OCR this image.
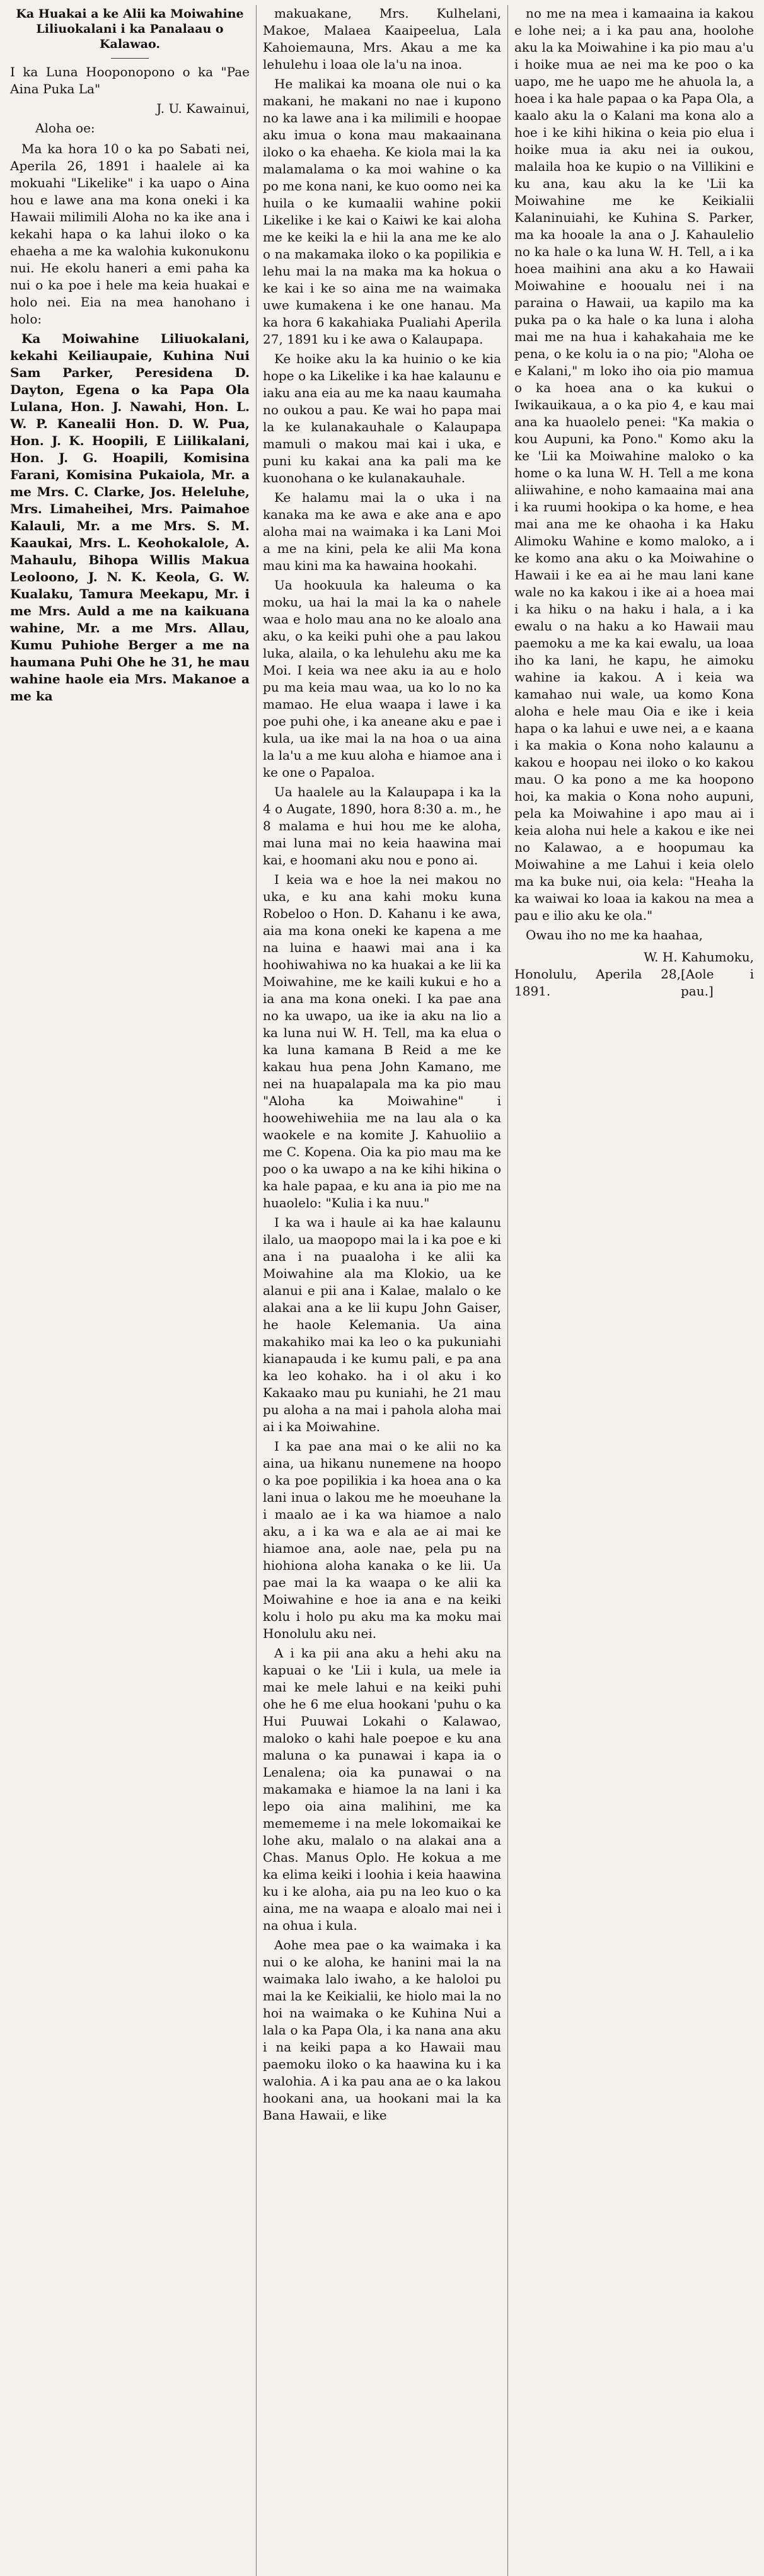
Ka Huakai a ke Alii ka Moiwahine
Liliuokalani i ka Panalaau o
Kalawao.

I ka Luna Hooponopono o ka "Pae Aina Puka La"

J. U. Kawainui,

Aloha oe:

Ma ka hora 10 o ka po Sabati nei, Aperila 26, 1891 i haalele ai ka mokuahi "Likelike" i ka uapo o Aina hou e lawe ana ma kona oneki i ka Hawaii milimili Aloha no ka ike ana i kekahi hapa o ka lahui iloko o ka ehaeha a me ka walohia kukonukonu nui. He ekolu haneri a emi paha ka nui o ka poe i hele ma keia huakai e holo nei. Eia na mea hanohano i holo:

Ka Moiwahine Liliuokalani, kekahi Keiliaupaie, Kuhina Nui Sam Parker, Peresidena D. Dayton, Egena o ka Papa Ola Lulana, Hon. J. Nawahi, Hon. L. W. P. Kanealii Hon. D. W. Pua, Hon. J. K. Hoopili, E Liilikalani, Hon. J. G. Hoapili, Komisina Farani, Komisina Pukaiola, Mr. a me Mrs. C. Clarke, Jos. Heleluhe, Mrs. Limaheihei, Mrs. Paimahoe Kalauli, Mr. a me Mrs. S. M. Kaaukai, Mrs. L. Keohokalole, A. Mahaulu, Bihopa Willis Makua Leoloono, J. N. K. Keola, G. W. Kualaku, Tamura Meekapu, Mr. i me Mrs. Auld a me na kaikuana wahine, Mr. a me Mrs. Allau, Kumu Puhiohe Berger a me na haumana Puhi Ohe he 31, he mau wahine haole eia Mrs. Makanoe a me ka

makuakane, Mrs. Kulhelani, Makoe, Malaea Kaaipeelua, Lala Kahoiemauna, Mrs. Akau a me ka lehulehu i loaa ole la'u na inoa.

He malikai ka moana ole nui o ka makani, he makani no nae i kupono no ka lawe ana i ka milimili e hoopae aku imua o kona mau makaainana iloko o ka ehaeha. Ke kiola mai la ka malamalama o ka moi wahine o ka po me kona nani, ke kuo oomo nei ka huila o ke kumaalii wahine pokii Likelike i ke kai o Kaiwi ke kai aloha me ke keiki la e hii la ana me ke alo o na makamaka iloko o ka popilikia e lehu mai la na maka ma ka hokua o ke kai i ke so aina me na waimaka uwe kumakena i ke one hanau. Ma ka hora 6 kakahiaka Pualiahi Aperila 27, 1891 ku i ke awa o Kalaupapa.

Ke hoike aku la ka huinio o ke kia hope o ka Likelike i ka hae kalaunu e iaku ana eia au me ka naau kaumaha no oukou a pau. Ke wai ho papa mai la ke kulanakauhale o Kalaupapa mamuli o makou mai kai i uka, e puni ku kakai ana ka pali ma ke kuonohana o ke kulanakauhale.

Ke halamu mai la o uka i na kanaka ma ke awa e ake ana e apo aloha mai na waimaka i ka Lani Moi a me na kini, pela ke alii Ma kona mau kini ma ka hawaina hookahi.

Ua hookuula ka haleuma o ka moku, ua hai la mai la ka o nahele waa e holo mau ana no ke aloalo ana aku, o ka keiki puhi ohe a pau lakou luka, alaila, o ka lehulehu aku me ka Moi. I keia wa nee aku ia au e holo pu ma keia mau waa, ua ko lo no ka mamao. He elua waapa i lawe i ka poe puhi ohe, i ka aneane aku e pae i kula, ua ike mai la na hoa o ua aina la la'u a me kuu aloha e hiamoe ana i ke one o Papaloa.

Ua haalele au la Kalaupapa i ka la 4 o Augate, 1890, hora 8:30 a. m., he 8 malama e hui hou me ke aloha, mai luna mai no keia haawina mai kai, e hoomani aku nou e pono ai.

I keia wa e hoe la nei makou no uka, e ku ana kahi moku kuna Robeloo o Hon. D. Kahanu i ke awa, aia ma kona oneki ke kapena a me na luina e haawi mai ana i ka hoohiwahiwa no ka huakai a ke lii ka Moiwahine, me ke kaili kukui e ho a ia ana ma kona oneki. I ka pae ana no ka uwapo, ua ike ia aku na lio a ka luna nui W. H. Tell, ma ka elua o ka luna kamana B Reid a me ke kakau hua pena John Kamano, me nei na huapalapala ma ka pio mau "Aloha ka Moiwahine" i hoowehiwehiia me na lau ala o ka waokele e na komite J. Kahuoliio a me C. Kopena. Oia ka pio mau ma ke poo o ka uwapo a na ke kihi hikina o ka hale papaa, e ku ana ia pio me na huaolelo: "Kulia i ka nuu."

I ka wa i haule ai ka hae kalaunu ilalo, ua maopopo mai la i ka poe e ki ana i na puaaloha i ke alii ka Moiwahine ala ma Klokio, ua ke alanui e pii ana i Kalae, malalo o ke alakai ana a ke lii kupu John Gaiser, he haole Kelemania. Ua aina makahiko mai ka leo o ka pukuniahi kianapauda i ke kumu pali, e pa ana ka leo kohako. ha i ol aku i ko Kakaako mau pu kuniahi, he 21 mau pu aloha a na mai i pahola aloha mai ai i ka Moiwahine.

I ka pae ana mai o ke alii no ka aina, ua hikanu nunemene na hoopo o ka poe popilikia i ka hoea ana o ka lani inua o lakou me he moeuhane la i maalo ae i ka wa hiamoe a nalo aku, a i ka wa e ala ae ai mai ke hiamoe ana, aole nae, pela pu na hiohiona aloha kanaka o ke lii. Ua pae mai la ka waapa o ke alii ka Moiwahine e hoe ia ana e na keiki kolu i holo pu aku ma ka moku mai Honolulu aku nei.

A i ka pii ana aku a hehi aku na kapuai o ke 'Lii i kula, ua mele ia mai ke mele lahui e na keiki puhi ohe he 6 me elua hookani 'puhu o ka Hui Puuwai Lokahi o Kalawao, maloko o kahi hale poepoe e ku ana maluna o ka punawai i kapa ia o Lenalena; oia ka punawai o na makamaka e hiamoe la na lani i ka lepo oia aina malihini, me ka memememe i na mele lokomaikai ke lohe aku, malalo o na alakai ana a Chas. Manus Oplo. He kokua a me ka elima keiki i loohia i keia haawina ku i ke aloha, aia pu na leo kuo o ka aina, me na waapa e aloalo mai nei i na ohua i kula.

Aohe mea pae o ka waimaka i ka nui o ke aloha, ke hanini mai la na waimaka lalo iwaho, a ke haloloi pu mai la ke Keikialii, ke hiolo mai la no hoi na waimaka o ke Kuhina Nui a lala o ka Papa Ola, i ka nana ana aku i na keiki papa a ko Hawaii mau paemoku iloko o ka haawina ku i ka walohia. A i ka pau ana ae o ka lakou hookani ana, ua hookani mai la ka Bana Hawaii, e like

no me na mea i kamaaina ia kakou e lohe nei; a i ka pau ana, hoolohe aku la ka Moiwahine i ka pio mau a'u i hoike mua ae nei ma ke poo o ka uapo, me he uapo me he ahuola la, a hoea i ka hale papaa o ka Papa Ola, a kaalo aku la o Kalani ma kona alo a hoe i ke kihi hikina o keia pio elua i hoike mua ia aku nei ia oukou, malaila hoa ke kupio o na Villikini e ku ana, kau aku la ke 'Lii ka Moiwahine me ke Keikialii Kalaninuiahi, ke Kuhina S. Parker, ma ka hooale la ana o J. Kahaulelio no ka hale o ka luna W. H. Tell, a i ka hoea maihini ana aku a ko Hawaii Moiwahine e hooualu nei i na paraina o Hawaii, ua kapilo ma ka puka pa o ka hale o ka luna i aloha mai me na hua i kahakahaia me ke pena, o ke kolu ia o na pio; "Aloha oe e Kalani," m loko iho oia pio mamua o ka hoea ana o ka kukui o Iwikauikaua, a o ka pio 4, e kau mai ana ka huaolelo penei: "Ka makia o kou Aupuni, ka Pono." Komo aku la ke 'Lii ka Moiwahine maloko o ka home o ka luna W. H. Tell a me kona aliiwahine, e noho kamaaina mai ana i ka ruumi hookipa o ka home, e hea mai ana me ke ohaoha i ka Haku Alimoku Wahine e komo maloko, a i ke komo ana aku o ka Moiwahine o Hawaii i ke ea ai he mau lani kane wale no ka kakou i ike ai a hoea mai i ka hiku o na haku i hala, a i ka ewalu o na haku a ko Hawaii mau paemoku a me ka kai ewalu, ua loaa iho ka lani, he kapu, he aimoku wahine ia kakou. A i keia wa kamahao nui wale, ua komo Kona aloha e hele mau Oia e ike i keia hapa o ka lahui e uwe nei, a e kaana i ka makia o Kona noho kalaunu a kakou e hoopau nei iloko o ko kakou mau. O ka pono a me ka hoopono hoi, ka makia o Kona noho aupuni, pela ka Moiwahine i apo mau ai i keia aloha nui hele a kakou e ike nei no Kalawao, a e hoopumau ka Moiwahine a me Lahui i keia olelo ma ka buke nui, oia kela: "Heaha la ka waiwai ko loaa ia kakou na mea a pau e ilio aku ke ola."

Owau iho no me ka haahaa,

W. H. Kahumoku,

Honolulu, Aperila 28, 1891.
[Aole i pau.]
